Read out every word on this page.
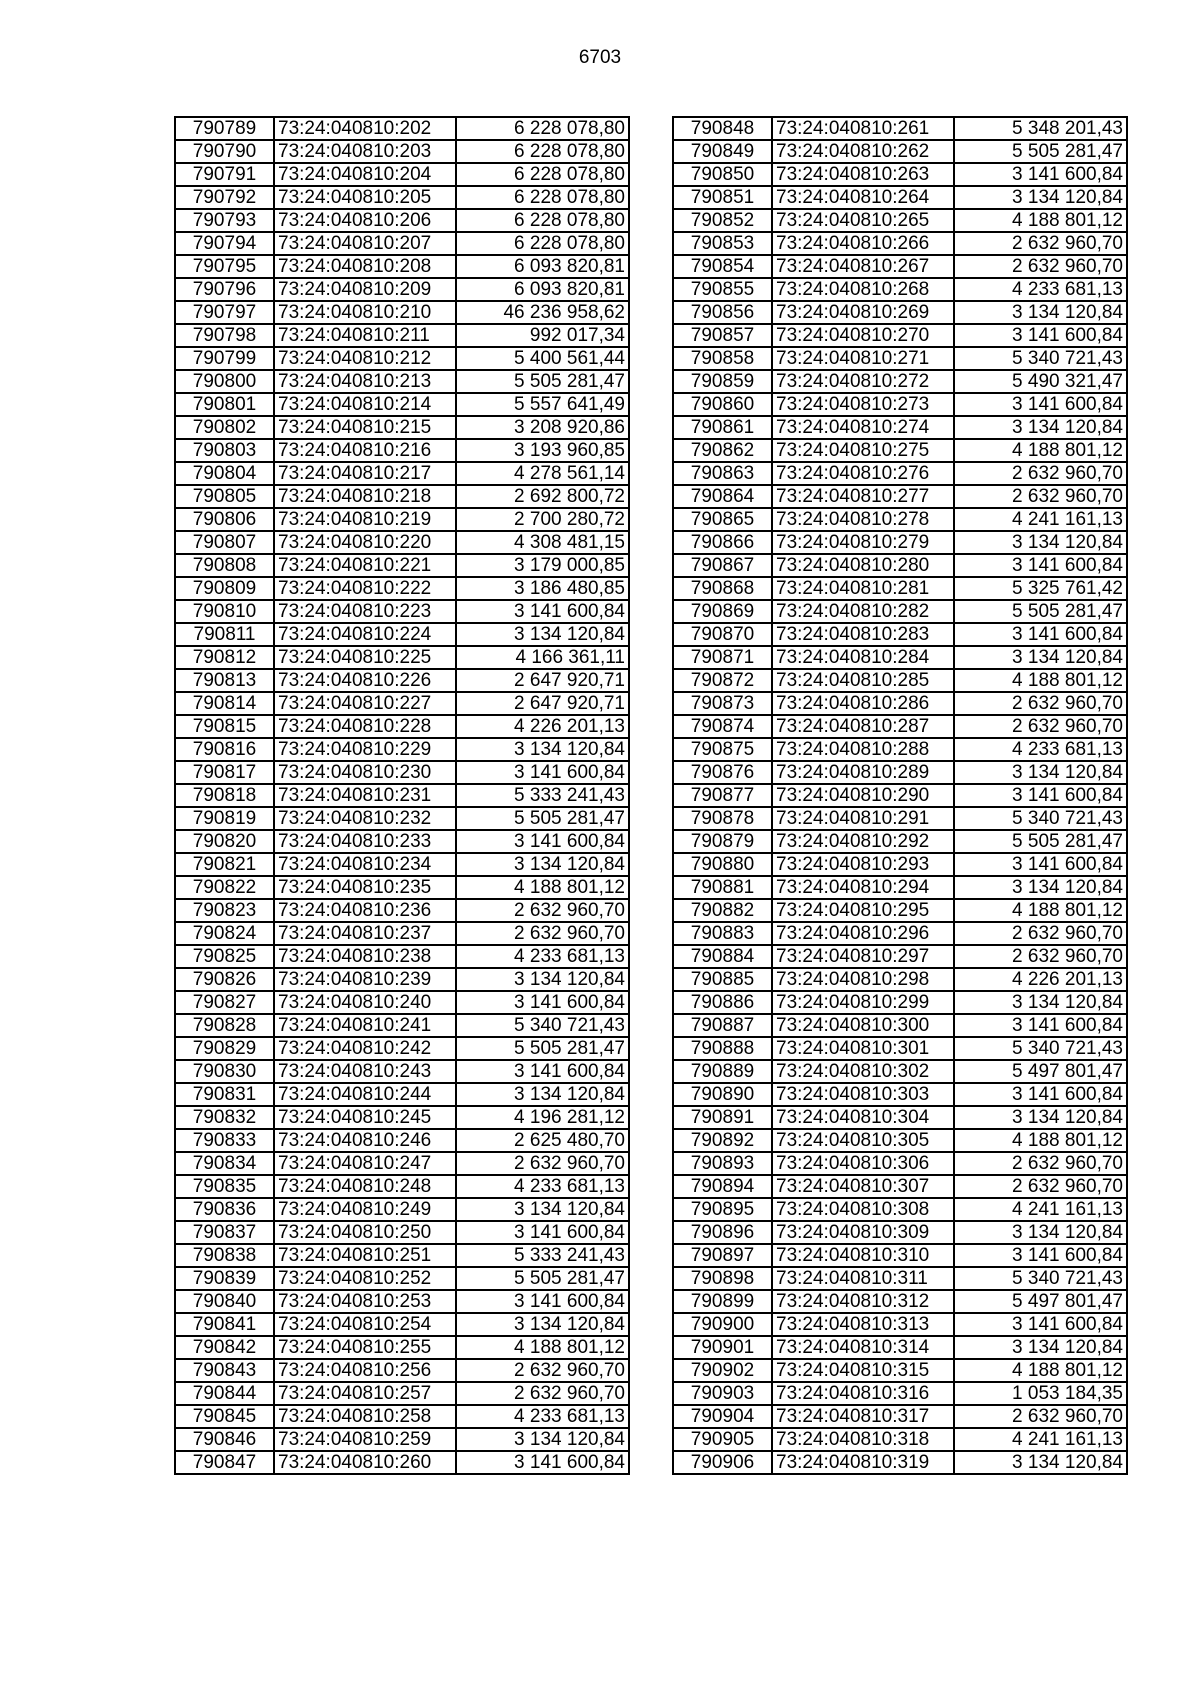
6703
790789	73:24:040810:202	6 228 078,80
790790	73:24:040810:203	6 228 078,80
790791	73:24:040810:204	6 228 078,80
790792	73:24:040810:205	6 228 078,80
790793	73:24:040810:206	6 228 078,80
790794	73:24:040810:207	6 228 078,80
790795	73:24:040810:208	6 093 820,81
790796	73:24:040810:209	6 093 820,81
790797	73:24:040810:210	46 236 958,62
790798	73:24:040810:211	992 017,34
790799	73:24:040810:212	5 400 561,44
790800	73:24:040810:213	5 505 281,47
790801	73:24:040810:214	5 557 641,49
790802	73:24:040810:215	3 208 920,86
790803	73:24:040810:216	3 193 960,85
790804	73:24:040810:217	4 278 561,14
790805	73:24:040810:218	2 692 800,72
790806	73:24:040810:219	2 700 280,72
790807	73:24:040810:220	4 308 481,15
790808	73:24:040810:221	3 179 000,85
790809	73:24:040810:222	3 186 480,85
790810	73:24:040810:223	3 141 600,84
790811	73:24:040810:224	3 134 120,84
790812	73:24:040810:225	4 166 361,11
790813	73:24:040810:226	2 647 920,71
790814	73:24:040810:227	2 647 920,71
790815	73:24:040810:228	4 226 201,13
790816	73:24:040810:229	3 134 120,84
790817	73:24:040810:230	3 141 600,84
790818	73:24:040810:231	5 333 241,43
790819	73:24:040810:232	5 505 281,47
790820	73:24:040810:233	3 141 600,84
790821	73:24:040810:234	3 134 120,84
790822	73:24:040810:235	4 188 801,12
790823	73:24:040810:236	2 632 960,70
790824	73:24:040810:237	2 632 960,70
790825	73:24:040810:238	4 233 681,13
790826	73:24:040810:239	3 134 120,84
790827	73:24:040810:240	3 141 600,84
790828	73:24:040810:241	5 340 721,43
790829	73:24:040810:242	5 505 281,47
790830	73:24:040810:243	3 141 600,84
790831	73:24:040810:244	3 134 120,84
790832	73:24:040810:245	4 196 281,12
790833	73:24:040810:246	2 625 480,70
790834	73:24:040810:247	2 632 960,70
790835	73:24:040810:248	4 233 681,13
790836	73:24:040810:249	3 134 120,84
790837	73:24:040810:250	3 141 600,84
790838	73:24:040810:251	5 333 241,43
790839	73:24:040810:252	5 505 281,47
790840	73:24:040810:253	3 141 600,84
790841	73:24:040810:254	3 134 120,84
790842	73:24:040810:255	4 188 801,12
790843	73:24:040810:256	2 632 960,70
790844	73:24:040810:257	2 632 960,70
790845	73:24:040810:258	4 233 681,13
790846	73:24:040810:259	3 134 120,84
790847	73:24:040810:260	3 141 600,84
790848	73:24:040810:261	5 348 201,43
790849	73:24:040810:262	5 505 281,47
790850	73:24:040810:263	3 141 600,84
790851	73:24:040810:264	3 134 120,84
790852	73:24:040810:265	4 188 801,12
790853	73:24:040810:266	2 632 960,70
790854	73:24:040810:267	2 632 960,70
790855	73:24:040810:268	4 233 681,13
790856	73:24:040810:269	3 134 120,84
790857	73:24:040810:270	3 141 600,84
790858	73:24:040810:271	5 340 721,43
790859	73:24:040810:272	5 490 321,47
790860	73:24:040810:273	3 141 600,84
790861	73:24:040810:274	3 134 120,84
790862	73:24:040810:275	4 188 801,12
790863	73:24:040810:276	2 632 960,70
790864	73:24:040810:277	2 632 960,70
790865	73:24:040810:278	4 241 161,13
790866	73:24:040810:279	3 134 120,84
790867	73:24:040810:280	3 141 600,84
790868	73:24:040810:281	5 325 761,42
790869	73:24:040810:282	5 505 281,47
790870	73:24:040810:283	3 141 600,84
790871	73:24:040810:284	3 134 120,84
790872	73:24:040810:285	4 188 801,12
790873	73:24:040810:286	2 632 960,70
790874	73:24:040810:287	2 632 960,70
790875	73:24:040810:288	4 233 681,13
790876	73:24:040810:289	3 134 120,84
790877	73:24:040810:290	3 141 600,84
790878	73:24:040810:291	5 340 721,43
790879	73:24:040810:292	5 505 281,47
790880	73:24:040810:293	3 141 600,84
790881	73:24:040810:294	3 134 120,84
790882	73:24:040810:295	4 188 801,12
790883	73:24:040810:296	2 632 960,70
790884	73:24:040810:297	2 632 960,70
790885	73:24:040810:298	4 226 201,13
790886	73:24:040810:299	3 134 120,84
790887	73:24:040810:300	3 141 600,84
790888	73:24:040810:301	5 340 721,43
790889	73:24:040810:302	5 497 801,47
790890	73:24:040810:303	3 141 600,84
790891	73:24:040810:304	3 134 120,84
790892	73:24:040810:305	4 188 801,12
790893	73:24:040810:306	2 632 960,70
790894	73:24:040810:307	2 632 960,70
790895	73:24:040810:308	4 241 161,13
790896	73:24:040810:309	3 134 120,84
790897	73:24:040810:310	3 141 600,84
790898	73:24:040810:311	5 340 721,43
790899	73:24:040810:312	5 497 801,47
790900	73:24:040810:313	3 141 600,84
790901	73:24:040810:314	3 134 120,84
790902	73:24:040810:315	4 188 801,12
790903	73:24:040810:316	1 053 184,35
790904	73:24:040810:317	2 632 960,70
790905	73:24:040810:318	4 241 161,13
790906	73:24:040810:319	3 134 120,84
